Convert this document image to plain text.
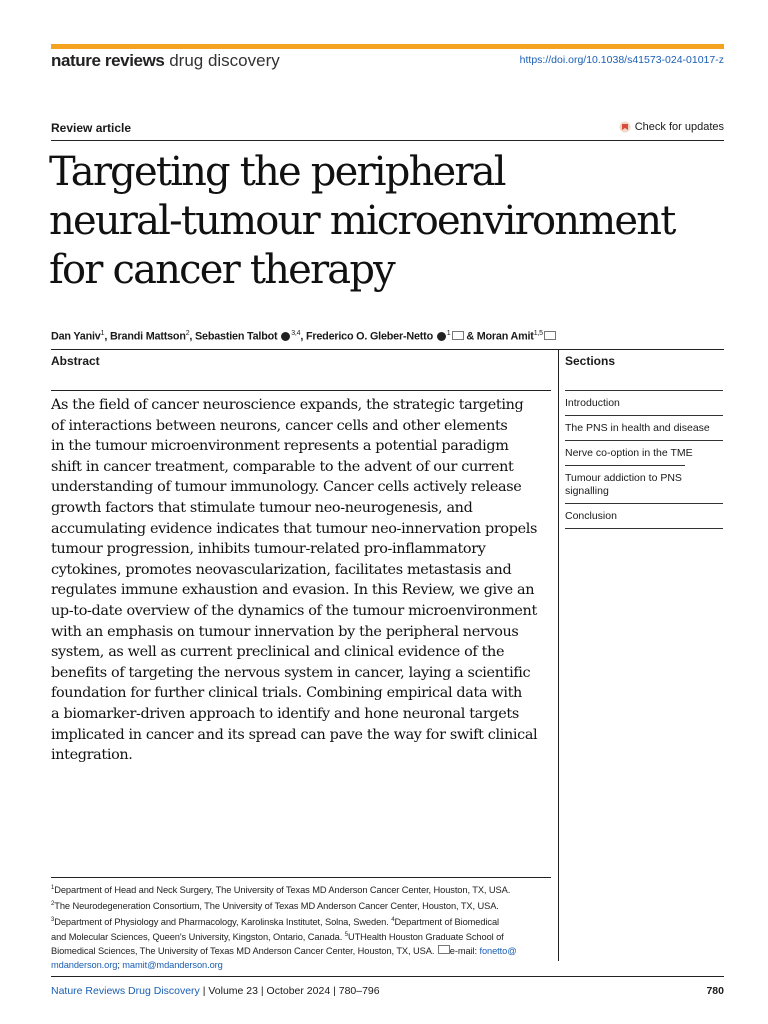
nature reviews drug discovery	https://doi.org/10.1038/s41573-024-01017-z
Review article	Check for updates
Targeting the peripheral
neural-tumour microenvironment
for cancer therapy
Dan Yaniv$^1$, Brandi Mattson$^2$, Sebastien Talbot $^{3,4}$, Frederico O. Gleber-Netto $^1$ & Moran Amit$^{1,5}$
Abstract	Sections
As the field of cancer neuroscience expands, the strategic targeting
of interactions between neurons, cancer cells and other elements
in the tumour microenvironment represents a potential paradigm
shift in cancer treatment, comparable to the advent of our current
understanding of tumour immunology. Cancer cells actively release
growth factors that stimulate tumour neo-neurogenesis, and
accumulating evidence indicates that tumour neo-innervation propels
tumour progression, inhibits tumour-related pro-inflammatory
cytokines, promotes neovascularization, facilitates metastasis and
regulates immune exhaustion and evasion. In this Review, we give an
up-to-date overview of the dynamics of the tumour microenvironment
with an emphasis on tumour innervation by the peripheral nervous
system, as well as current preclinical and clinical evidence of the
benefits of targeting the nervous system in cancer, laying a scientific
foundation for further clinical trials. Combining empirical data with
a biomarker-driven approach to identify and hone neuronal targets
implicated in cancer and its spread can pave the way for swift clinical
integration.
Introduction
The PNS in health and disease
Nerve co-option in the TME
Tumour addiction to PNS signalling
Conclusion
$^1$Department of Head and Neck Surgery, The University of Texas MD Anderson Cancer Center, Houston, TX, USA.
$^2$The Neurodegeneration Consortium, The University of Texas MD Anderson Cancer Center, Houston, TX, USA.
$^3$Department of Physiology and Pharmacology, Karolinska Institutet, Solna, Sweden. $^4$Department of Biomedical
and Molecular Sciences, Queen's University, Kingston, Ontario, Canada. $^5$UTHealth Houston Graduate School of
Biomedical Sciences, The University of Texas MD Anderson Cancer Center, Houston, TX, USA. e-mail: fonetto@
mdanderson.org; mamit@mdanderson.org
Nature Reviews Drug Discovery | Volume 23 | October 2024 | 780–796	780
